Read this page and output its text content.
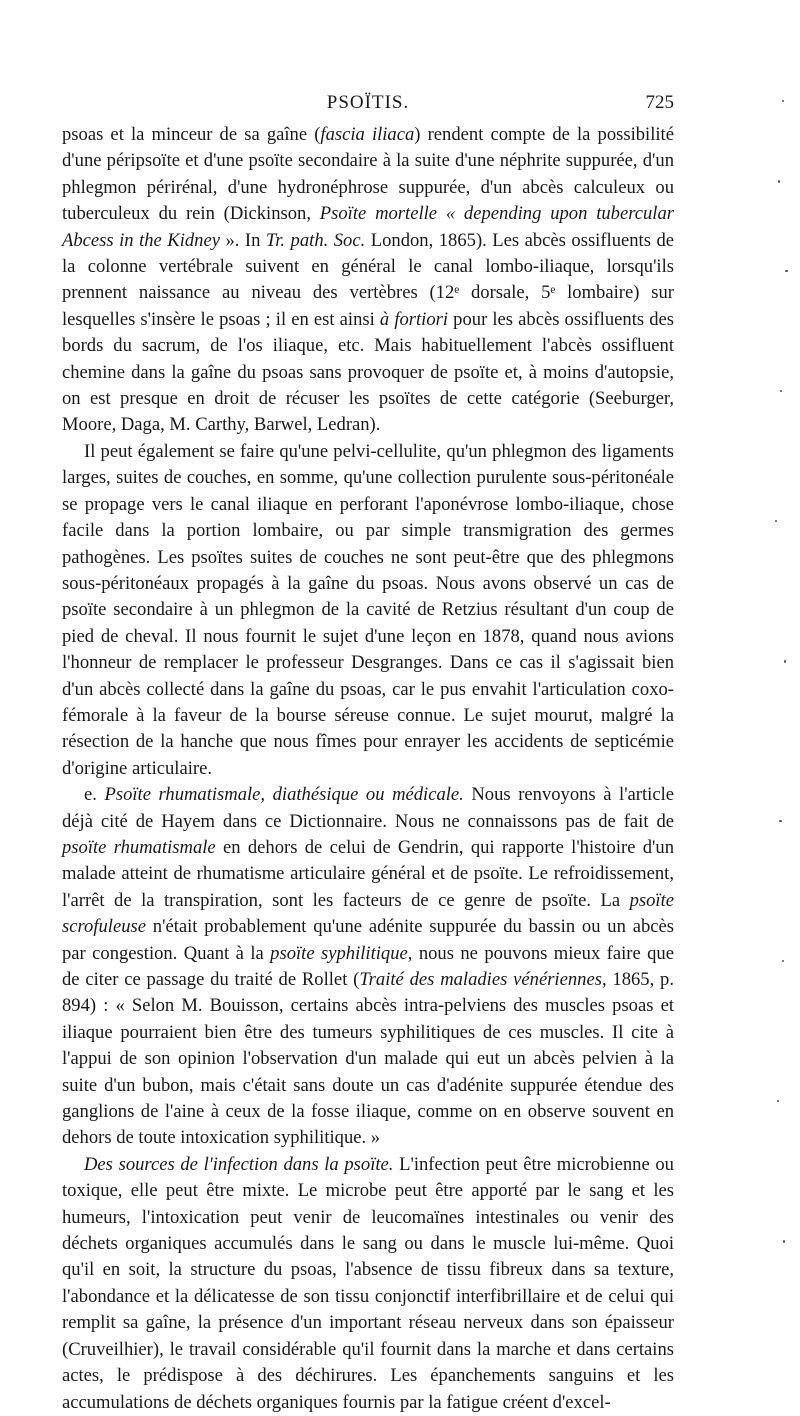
PSOÏTIS.	725

psoas et la minceur de sa gaîne (fascia iliaca) rendent compte de la possibilité d'une péripsoïte et d'une psoïte secondaire à la suite d'une néphrite suppurée, d'un phlegmon périrénal, d'une hydronéphrose suppurée, d'un abcès calculeux ou tuberculeux du rein (Dickinson, Psoïte mortelle « depending upon tubercular Abcess in the Kidney ». In Tr. path. Soc. London, 1865). Les abcès ossifluents de la colonne vertébrale suivent en général le canal lombo-iliaque, lorsqu'ils prennent naissance au niveau des vertèbres (12ᵉ dorsale, 5ᵉ lombaire) sur lesquelles s'insère le psoas ; il en est ainsi à fortiori pour les abcès ossifluents des bords du sacrum, de l'os iliaque, etc. Mais habituellement l'abcès ossifluent chemine dans la gaîne du psoas sans provoquer de psoïte et, à moins d'autopsie, on est presque en droit de récuser les psoïtes de cette catégorie (Seeburger, Moore, Daga, M. Carthy, Barwel, Ledran).

Il peut également se faire qu'une pelvi-cellulite, qu'un phlegmon des ligaments larges, suites de couches, en somme, qu'une collection purulente sous-péritonéale se propage vers le canal iliaque en perforant l'aponévrose lombo-iliaque, chose facile dans la portion lombaire, ou par simple transmigration des germes pathogènes. Les psoïtes suites de couches ne sont peut-être que des phlegmons sous-péritonéaux propagés à la gaîne du psoas. Nous avons observé un cas de psoïte secondaire à un phlegmon de la cavité de Retzius résultant d'un coup de pied de cheval. Il nous fournit le sujet d'une leçon en 1878, quand nous avions l'honneur de remplacer le professeur Desgranges. Dans ce cas il s'agissait bien d'un abcès collecté dans la gaîne du psoas, car le pus envahit l'articulation coxo-fémorale à la faveur de la bourse séreuse connue. Le sujet mourut, malgré la résection de la hanche que nous fîmes pour enrayer les accidents de septicémie d'origine articulaire.

e. Psoïte rhumatismale, diathésique ou médicale. Nous renvoyons à l'article déjà cité de Hayem dans ce Dictionnaire. Nous ne connaissons pas de fait de psoïte rhumatismale en dehors de celui de Gendrin, qui rapporte l'histoire d'un malade atteint de rhumatisme articulaire général et de psoïte. Le refroidissement, l'arrêt de la transpiration, sont les facteurs de ce genre de psoïte. La psoïte scrofuleuse n'était probablement qu'une adénite suppurée du bassin ou un abcès par congestion. Quant à la psoïte syphilitique, nous ne pouvons mieux faire que de citer ce passage du traité de Rollet (Traité des maladies vénériennes, 1865, p. 894) : « Selon M. Bouisson, certains abcès intra-pelviens des muscles psoas et iliaque pourraient bien être des tumeurs syphilitiques de ces muscles. Il cite à l'appui de son opinion l'observation d'un malade qui eut un abcès pelvien à la suite d'un bubon, mais c'était sans doute un cas d'adénite suppurée étendue des ganglions de l'aine à ceux de la fosse iliaque, comme on en observe souvent en dehors de toute intoxication syphilitique. »

Des sources de l'infection dans la psoïte. L'infection peut être microbienne ou toxique, elle peut être mixte. Le microbe peut être apporté par le sang et les humeurs, l'intoxication peut venir de leucomaïnes intestinales ou venir des déchets organiques accumulés dans le sang ou dans le muscle lui-même. Quoi qu'il en soit, la structure du psoas, l'absence de tissu fibreux dans sa texture, l'abondance et la délicatesse de son tissu conjonctif interfibrillaire et de celui qui remplit sa gaîne, la présence d'un important réseau nerveux dans son épaisseur (Cruveilhier), le travail considérable qu'il fournit dans la marche et dans certains actes, le prédispose à des déchirures. Les épanchements sanguins et les accumulations de déchets organiques fournis par la fatigue créent d'excel-
